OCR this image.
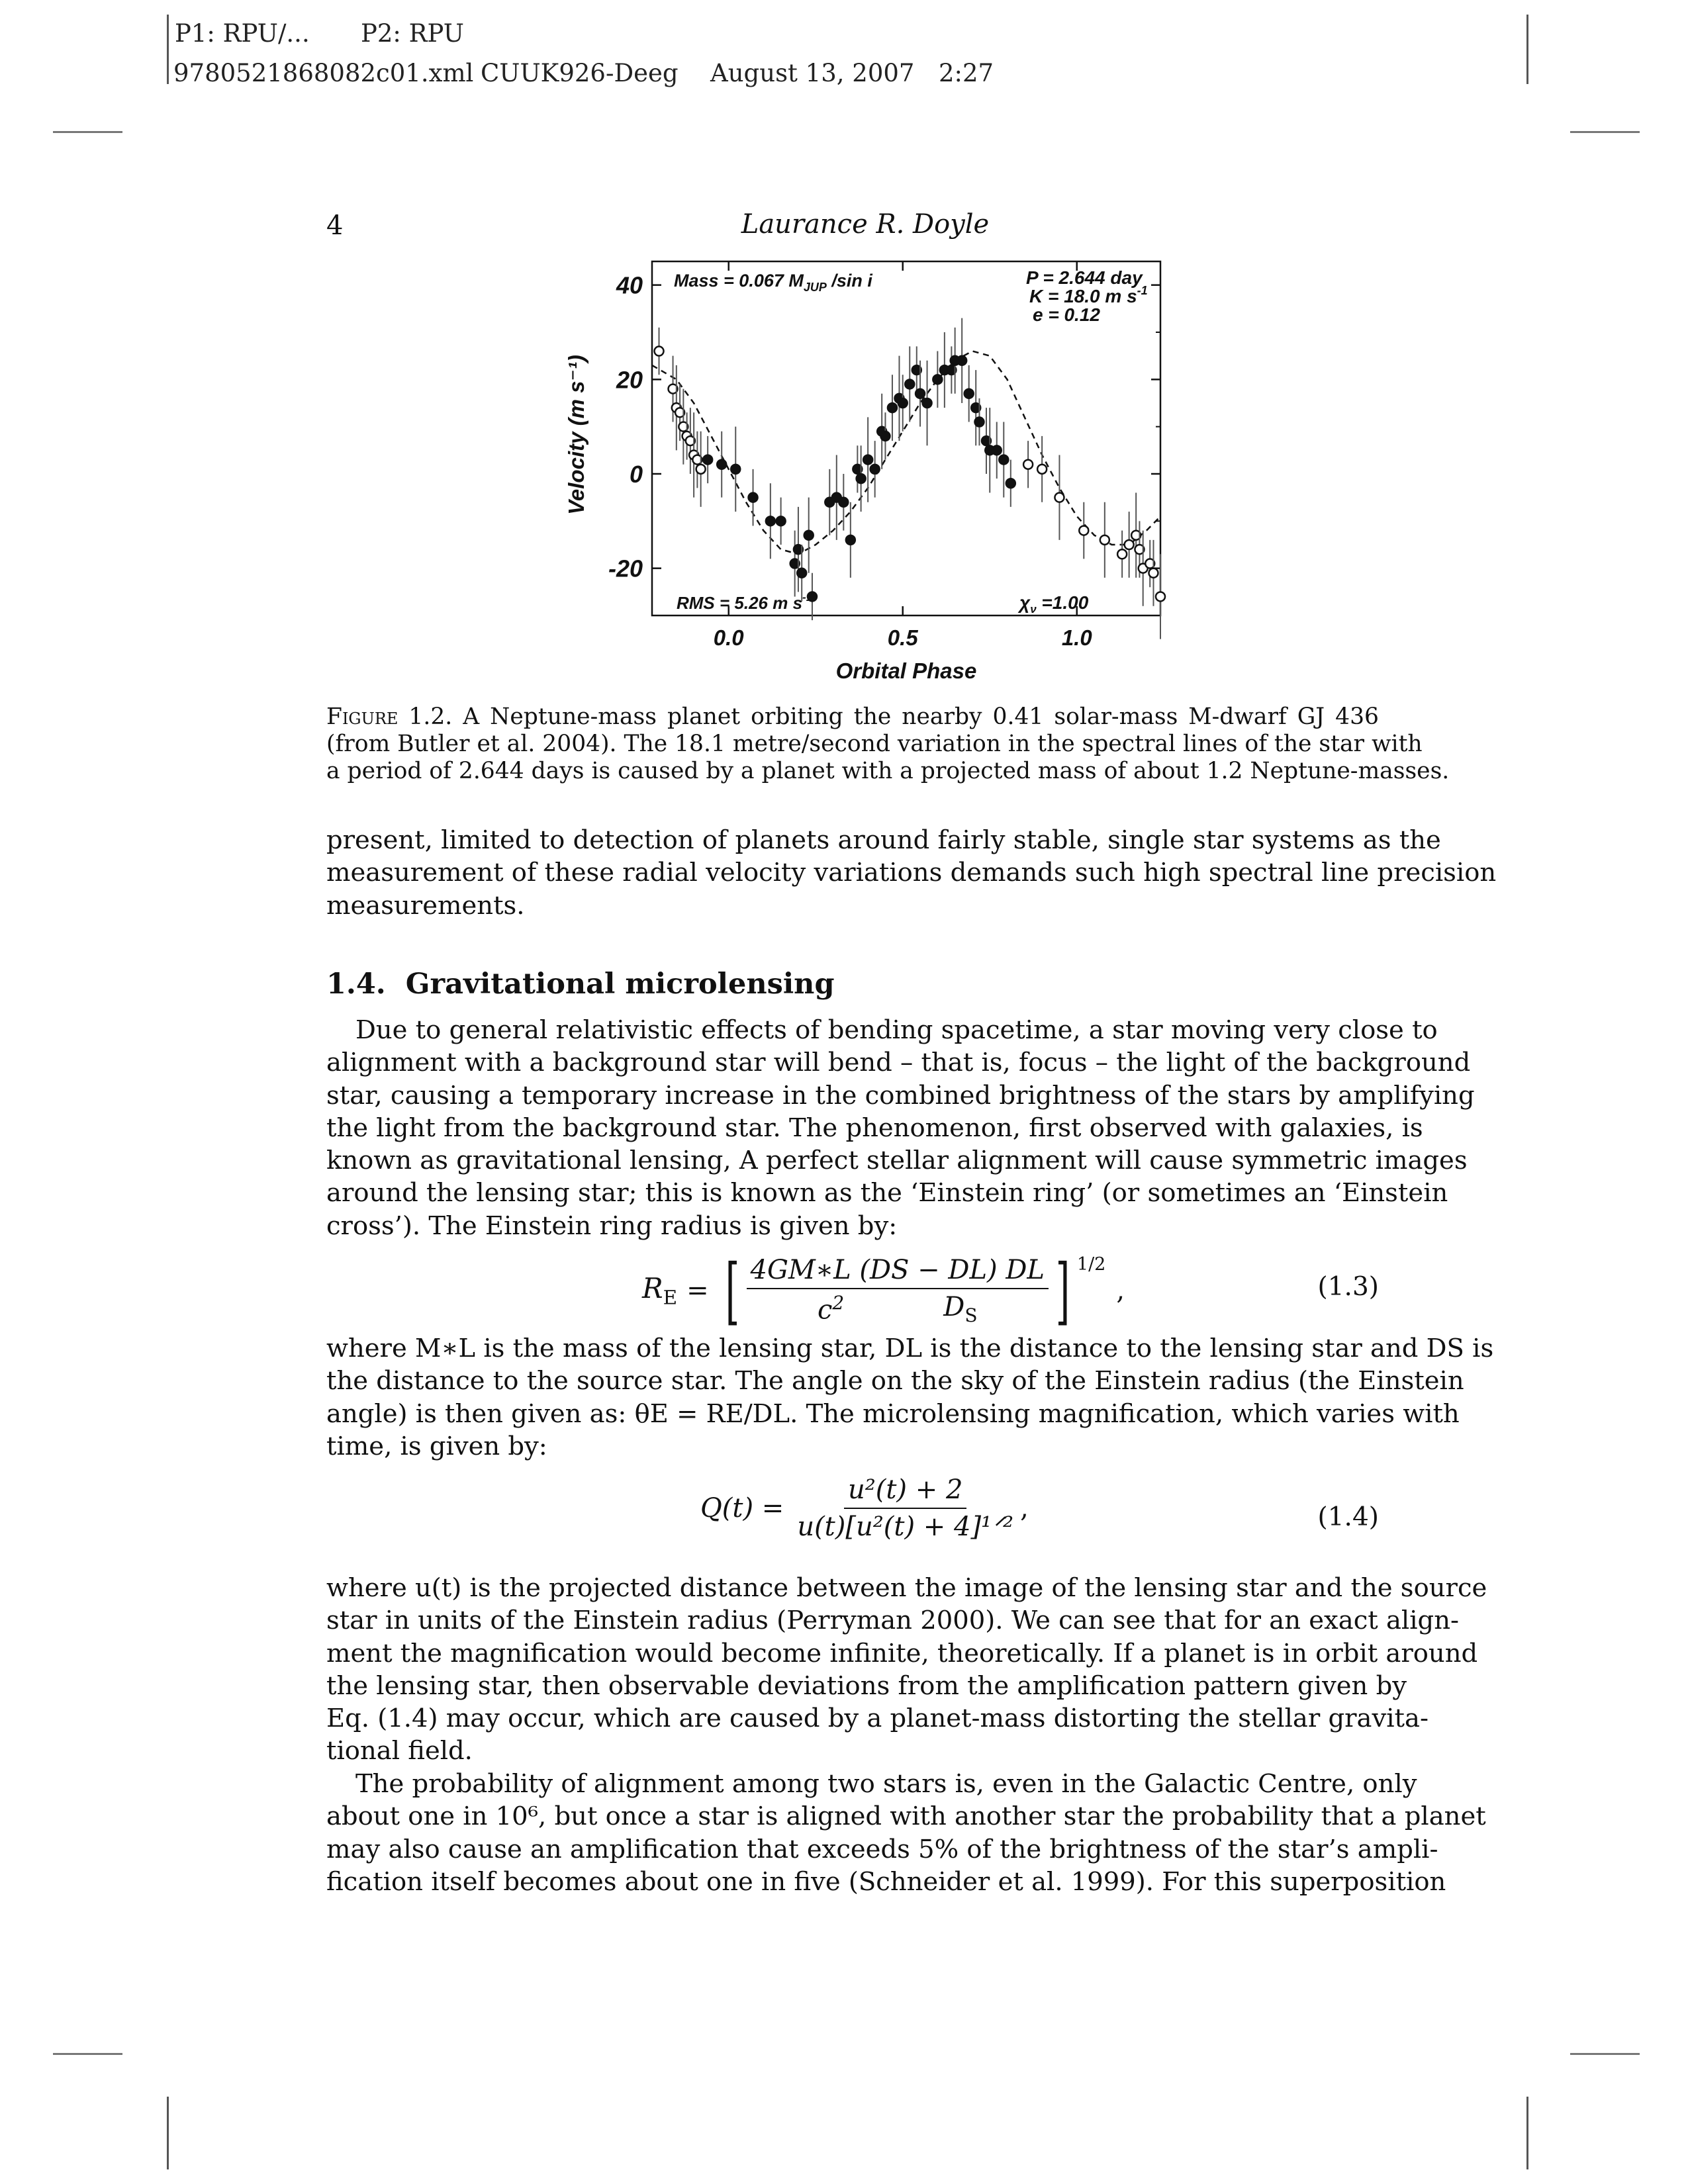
P1: RPU/... P2: RPU
9780521868082c01.xml CUUK926-Deeg August 13, 2007 2:27
4	Laurance R. Doyle
40
20
0
-20
0.0	0.5	1.0
Mass = 0.067 $M_{JUP}$ /sin i	P = 2.644 day
K = 18.0 m $s^{-1}$
e = 0.12
RMS = 5.26 m $s^{-1}$	$\chi_\nu =1.00$
Orbital Phase
Velocity (m s⁻¹)
Figure 1.2. A Neptune-mass planet orbiting the nearby 0.41 solar-mass M-dwarf GJ 436
(from Butler et al. 2004). The 18.1 metre/second variation in the spectral lines of the star with
a period of 2.644 days is caused by a planet with a projected mass of about 1.2 Neptune-masses.
present, limited to detection of planets around fairly stable, single star systems as the
measurement of these radial velocity variations demands such high spectral line precision
measurements.
1.4. Gravitational microlensing
Due to general relativistic effects of bending spacetime, a star moving very close to
alignment with a background star will bend – that is, focus – the light of the background
star, causing a temporary increase in the combined brightness of the stars by amplifying
the light from the background star. The phenomenon, first observed with galaxies, is
known as gravitational lensing, A perfect stellar alignment will cause symmetric images
around the lensing star; this is known as the ‘Einstein ring’ (or sometimes an ‘Einstein
cross’). The Einstein ring radius is given by:
$R_E$ = [ 4GM∗L (DS − DL) DL
$c^2$	$D_S$ ] 1/2
,	(1.3)
where M∗L is the mass of the lensing star, DL is the distance to the lensing star and DS is
the distance to the source star. The angle on the sky of the Einstein radius (the Einstein
angle) is then given as: θE = RE/DL. The microlensing magnification, which varies with
time, is given by:
$Q(t) = \frac{\text{u²(t) + 2}}{\text{u(t)[u²(t) + 4]¹ᐟ²}}$ ,	(1.4)
where u(t) is the projected distance between the image of the lensing star and the source
star in units of the Einstein radius (Perryman 2000). We can see that for an exact align-
ment the magnification would become infinite, theoretically. If a planet is in orbit around
the lensing star, then observable deviations from the amplification pattern given by
Eq. (1.4) may occur, which are caused by a planet-mass distorting the stellar gravita-
tional field.
The probability of alignment among two stars is, even in the Galactic Centre, only
about one in 10⁶, but once a star is aligned with another star the probability that a planet
may also cause an amplification that exceeds 5% of the brightness of the star’s ampli-
fication itself becomes about one in five (Schneider et al. 1999). For this superposition
